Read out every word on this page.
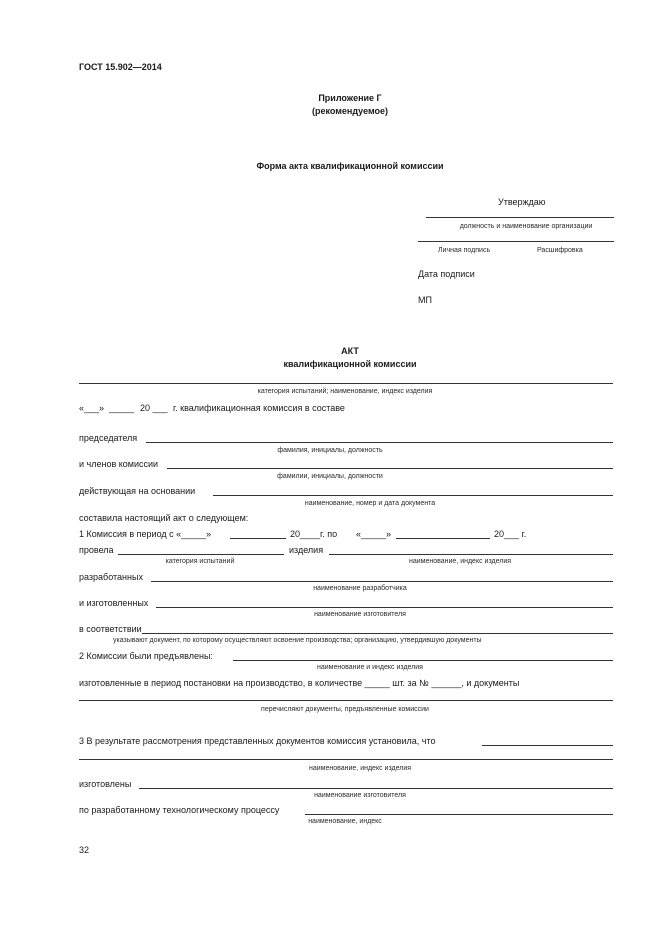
ГОСТ 15.902—2014
Приложение Г
(рекомендуемое)
Форма акта квалификационной комиссии
Утверждаю
должность и наименование организации
Личная подпись	Расшифровка
Дата подписи
МП
АКТ
квалификационной комиссии
категория испытаний; наименование, индекс изделия
«___» _____ 20 ___ г. квалификационная комиссия в составе
председателя
фамилия, инициалы, должность
и членов комиссии
фамилии, инициалы, должности
действующая на основании
наименование, номер и дата документа
составила настоящий акт о следующем:
1 Комиссия в период с «_____»	20____г. по «_____»	20___ г.
провела	изделия
категория испытаний	наименование, индекс изделия
разработанных
наименование разработчика
и изготовленных
наименование изготовителя
в соответствии
указывают документ, по которому осуществляют освоение производства; организацию, утвердившую документы
2 Комиссии были предъявлены:
наименование и индекс изделия
изготовленные в период постановки на производство, в количестве _____ шт. за № ______, и документы
перечисляют документы, предъявленные комиссии
3 В результате рассмотрения представленных документов комиссия установила, что
наименование, индекс изделия
изготовлены
наименование изготовителя
по разработанному технологическому процессу
наименование, индекс
32
